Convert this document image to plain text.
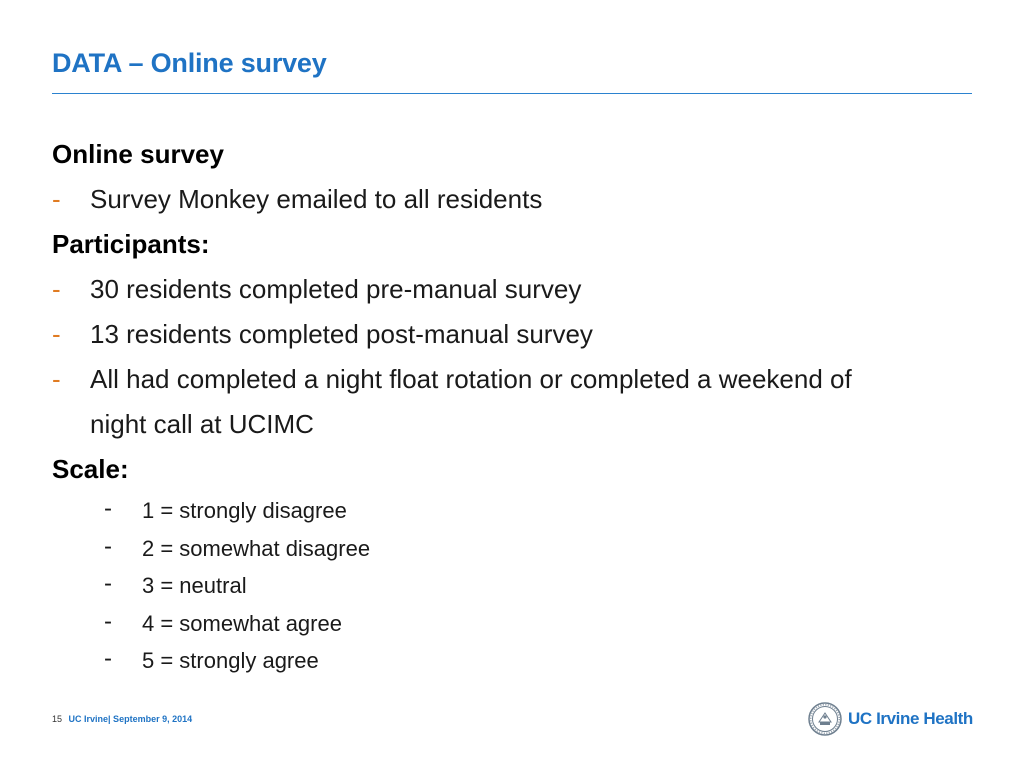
DATA – Online survey
Online survey
- Survey Monkey emailed to all residents
Participants:
- 30 residents completed pre-manual survey
- 13 residents completed post-manual survey
- All had completed a night float rotation or completed a weekend of night call at UCIMC
Scale:
- 1 = strongly disagree
- 2 = somewhat disagree
- 3 = neutral
- 4 = somewhat agree
- 5 = strongly agree
15 UC Irvine| September 9, 2014	UC Irvine Health
